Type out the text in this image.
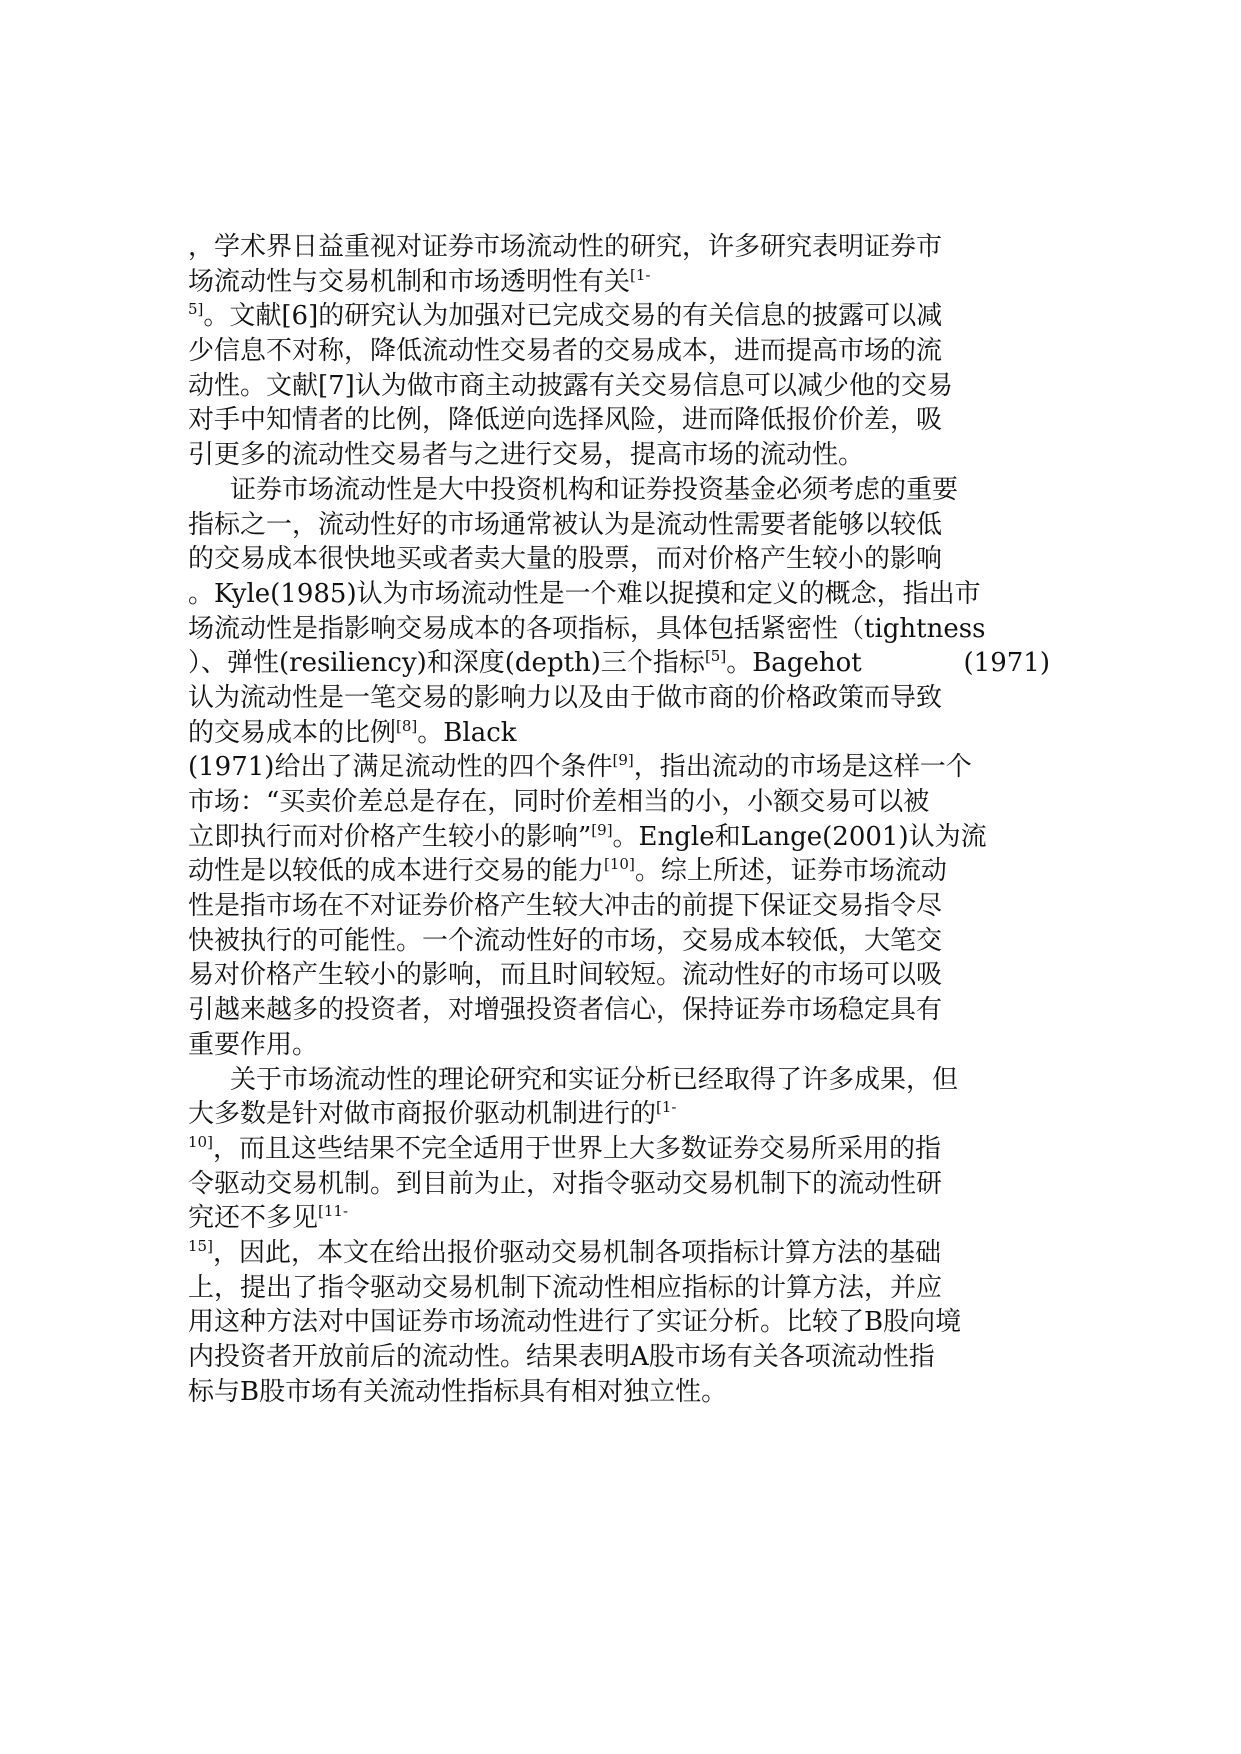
，学术界日益重视对证券市场流动性的研究，许多研究表明证券市
场流动性与交易机制和市场透明性有关$^{[1-}$
$^{5]}$。文献[6]的研究认为加强对已完成交易的有关信息的披露可以减
少信息不对称，降低流动性交易者的交易成本，进而提高市场的流
动性。文献[7]认为做市商主动披露有关交易信息可以减少他的交易
对手中知情者的比例，降低逆向选择风险，进而降低报价价差，吸
引更多的流动性交易者与之进行交易，提高市场的流动性。
证券市场流动性是大中投资机构和证券投资基金必须考虑的重要
指标之一，流动性好的市场通常被认为是流动性需要者能够以较低
的交易成本很快地买或者卖大量的股票，而对价格产生较小的影响
。Kyle(1985)认为市场流动性是一个难以捉摸和定义的概念，指出市
场流动性是指影响交易成本的各项指标，具体包括紧密性（tightness
）、弹性(resiliency)和深度(depth)三个指标[5]。Bagehot	(1971)
认为流动性是一笔交易的影响力以及由于做市商的价格政策而导致
的交易成本的比例[8]。Black
(1971)给出了满足流动性的四个条件[9]，指出流动的市场是这样一个
市场：“买卖价差总是存在，同时价差相当的小，小额交易可以被
立即执行而对价格产生较小的影响”[9]。Engle和Lange(2001)认为流
动性是以较低的成本进行交易的能力[10]。综上所述，证券市场流动
性是指市场在不对证券价格产生较大冲击的前提下保证交易指令尽
快被执行的可能性。一个流动性好的市场，交易成本较低，大笔交
易对价格产生较小的影响，而且时间较短。流动性好的市场可以吸
引越来越多的投资者，对增强投资者信心，保持证券市场稳定具有
重要作用。
关于市场流动性的理论研究和实证分析已经取得了许多成果，但
大多数是针对做市商报价驱动机制进行的$^{[1-}$
$^{10]}$，而且这些结果不完全适用于世界上大多数证券交易所采用的指
令驱动交易机制。到目前为止，对指令驱动交易机制下的流动性研
究还不多见$^{[11-}$
$^{15]}$，因此，本文在给出报价驱动交易机制各项指标计算方法的基础
上，提出了指令驱动交易机制下流动性相应指标的计算方法，并应
用这种方法对中国证券市场流动性进行了实证分析。比较了B股向境
内投资者开放前后的流动性。结果表明A股市场有关各项流动性指
标与B股市场有关流动性指标具有相对独立性。
